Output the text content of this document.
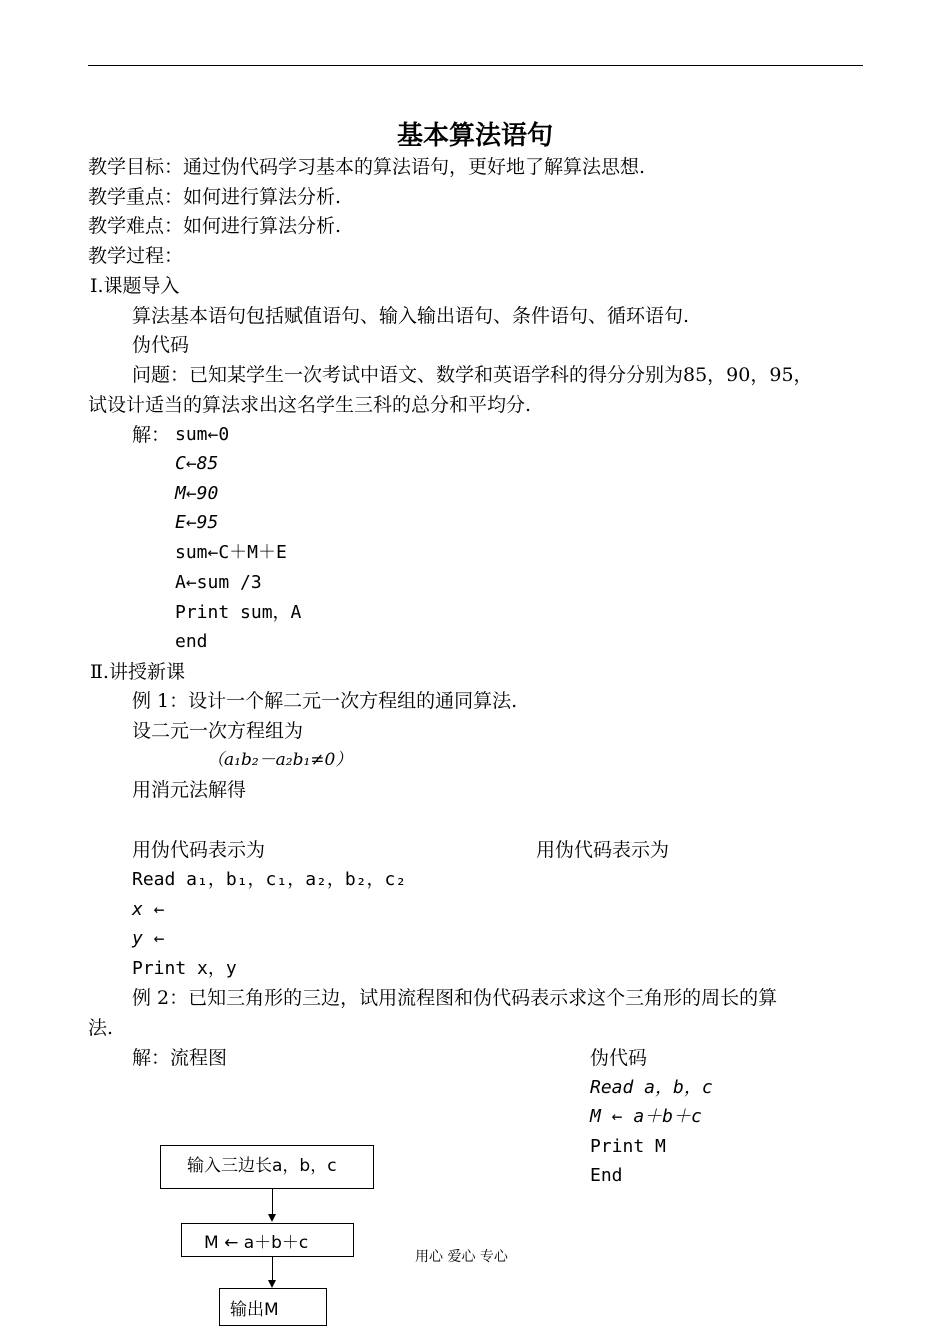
基本算法语句
教学目标：通过伪代码学习基本的算法语句，更好地了解算法思想.
教学重点：如何进行算法分析.
教学难点：如何进行算法分析.
教学过程：
Ⅰ.课题导入
算法基本语句包括赋值语句、输入输出语句、条件语句、循环语句.
伪代码
问题：已知某学生一次考试中语文、数学和英语学科的得分分别为85，90，95，
试设计适当的算法求出这名学生三科的总分和平均分.
解： sum←0
C←85
M←90
E←95
sum←C＋M＋E
A←sum /3
Print sum，A
end
Ⅱ.讲授新课
例 1：设计一个解二元一次方程组的通同算法.
设二元一次方程组为
（a₁b₂－a₂b₁≠0）
用消元法解得
用伪代码表示为	用伪代码表示为
Read a₁，b₁，c₁，a₂，b₂，c₂
x ←
y ←
Print x，y
例 2：已知三角形的三边，试用流程图和伪代码表示求这个三角形的周长的算
法.
解：流程图	伪代码
Read a，b，c
M ← a＋b＋c
Print M
End
输入三边长a，b，c
M ← a＋b＋c
输出M
用心 爱心 专心
